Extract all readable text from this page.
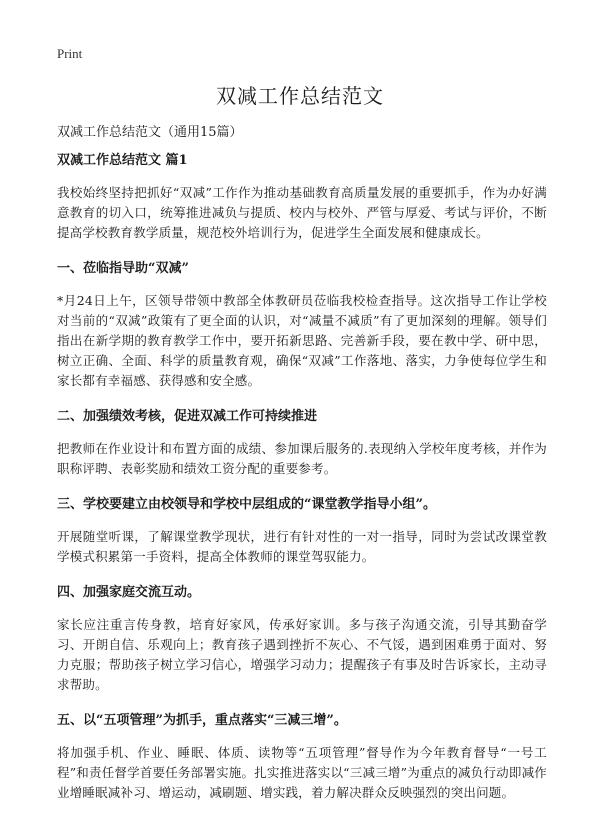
Print
双减工作总结范文

双减工作总结范文（通用15篇）

双减工作总结范文 篇1

我校始终坚持把抓好“双减”工作作为推动基础教育高质量发展的重要抓手，作为办好满意教育的切入口，统筹推进减负与提质、校内与校外、严管与厚爱、考试与评价，不断提高学校教育教学质量，规范校外培训行为，促进学生全面发展和健康成长。

一、莅临指导助“双减”

*月24日上午，区领导带领中教部全体教研员莅临我校检查指导。这次指导工作让学校对当前的“双减”政策有了更全面的认识，对“减量不减质”有了更加深刻的理解。领导们指出在新学期的教育教学工作中，要开拓新思路、完善新手段，要在教中学、研中思，树立正确、全面、科学的质量教育观，确保“双减”工作落地、落实，力争使每位学生和家长都有幸福感、获得感和安全感。

二、加强绩效考核，促进双减工作可持续推进

把教师在作业设计和布置方面的成绩、参加课后服务的.表现纳入学校年度考核，并作为职称评聘、表彰奖励和绩效工资分配的重要参考。

三、学校要建立由校领导和学校中层组成的“课堂教学指导小组”。

开展随堂听课，了解课堂教学现状，进行有针对性的一对一指导，同时为尝试改课堂教学模式积累第一手资料，提高全体教师的课堂驾驭能力。

四、加强家庭交流互动。

家长应注重言传身教，培育好家风，传承好家训。多与孩子沟通交流，引导其勤奋学习、开朗自信、乐观向上；教育孩子遇到挫折不灰心、不气馁，遇到困难勇于面对、努力克服；帮助孩子树立学习信心，增强学习动力；提醒孩子有事及时告诉家长，主动寻求帮助。

五、以“五项管理”为抓手，重点落实“三减三增”。

将加强手机、作业、睡眠、体质、读物等“五项管理”督导作为今年教育督导“一号工程”和责任督学首要任务部署实施。扎实推进落实以“三减三增”为重点的减负行动即减作业增睡眠减补习、增运动，减刷题、增实践，着力解决群众反映强烈的突出问题。
